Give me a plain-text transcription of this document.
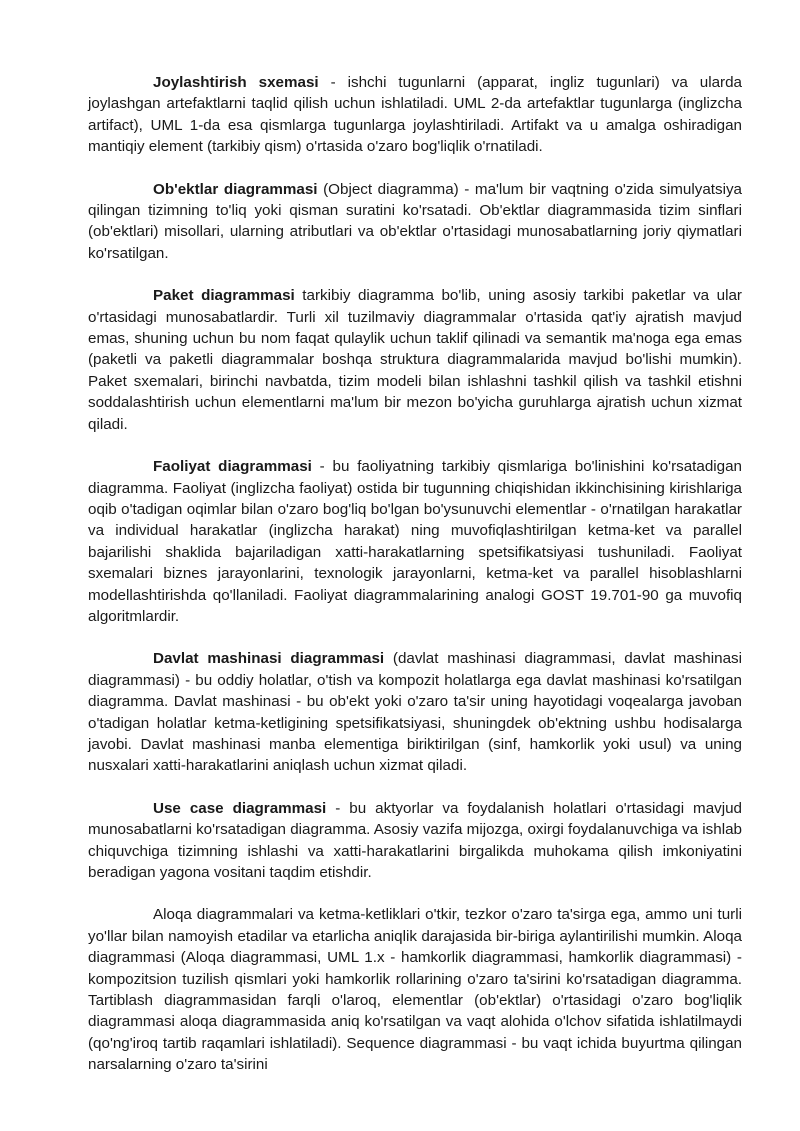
Joylashtirish sxemasi - ishchi tugunlarni (apparat, ingliz tugunlari) va ularda joylashgan artefaktlarni taqlid qilish uchun ishlatiladi. UML 2-da artefaktlar tugunlarga (inglizcha artifact), UML 1-da esa qismlarga tugunlarga joylashtiriladi. Artifakt va u amalga oshiradigan mantiqiy element (tarkibiy qism) o'rtasida o'zaro bog'liqlik o'rnatiladi.

Ob'ektlar diagrammasi (Object diagramma) - ma'lum bir vaqtning o'zida simulyatsiya qilingan tizimning to'liq yoki qisman suratini ko'rsatadi. Ob'ektlar diagrammasida tizim sinflari (ob'ektlari) misollari, ularning atributlari va ob'ektlar o'rtasidagi munosabatlarning joriy qiymatlari ko'rsatilgan.

Paket diagrammasi tarkibiy diagramma bo'lib, uning asosiy tarkibi paketlar va ular o'rtasidagi munosabatlardir. Turli xil tuzilmaviy diagrammalar o'rtasida qat'iy ajratish mavjud emas, shuning uchun bu nom faqat qulaylik uchun taklif qilinadi va semantik ma'noga ega emas (paketli va paketli diagrammalar boshqa struktura diagrammalarida mavjud bo'lishi mumkin). Paket sxemalari, birinchi navbatda, tizim modeli bilan ishlashni tashkil qilish va tashkil etishni soddalashtirish uchun elementlarni ma'lum bir mezon bo'yicha guruhlarga ajratish uchun xizmat qiladi.

Faoliyat diagrammasi - bu faoliyatning tarkibiy qismlariga bo'linishini ko'rsatadigan diagramma. Faoliyat (inglizcha faoliyat) ostida bir tugunning chiqishidan ikkinchisining kirishlariga oqib o'tadigan oqimlar bilan o'zaro bog'liq bo'lgan bo'ysunuvchi elementlar - o'rnatilgan harakatlar va individual harakatlar (inglizcha harakat) ning muvofiqlashtirilgan ketma-ket va parallel bajarilishi shaklida bajariladigan xatti-harakatlarning spetsifikatsiyasi tushuniladi. Faoliyat sxemalari biznes jarayonlarini, texnologik jarayonlarni, ketma-ket va parallel hisoblashlarni modellashtirishda qo'llaniladi. Faoliyat diagrammalarining analogi GOST 19.701-90 ga muvofiq algoritmlardir.

Davlat mashinasi diagrammasi (davlat mashinasi diagrammasi, davlat mashinasi diagrammasi) - bu oddiy holatlar, o'tish va kompozit holatlarga ega davlat mashinasi ko'rsatilgan diagramma. Davlat mashinasi - bu ob'ekt yoki o'zaro ta'sir uning hayotidagi voqealarga javoban o'tadigan holatlar ketma-ketligining spetsifikatsiyasi, shuningdek ob'ektning ushbu hodisalarga javobi. Davlat mashinasi manba elementiga biriktirilgan (sinf, hamkorlik yoki usul) va uning nusxalari xatti-harakatlarini aniqlash uchun xizmat qiladi.

Use case diagrammasi - bu aktyorlar va foydalanish holatlari o'rtasidagi mavjud munosabatlarni ko'rsatadigan diagramma. Asosiy vazifa mijozga, oxirgi foydalanuvchiga va ishlab chiquvchiga tizimning ishlashi va xatti-harakatlarini birgalikda muhokama qilish imkoniyatini beradigan yagona vositani taqdim etishdir.

Aloqa diagrammalari va ketma-ketliklari o'tkir, tezkor o'zaro ta'sirga ega, ammo uni turli yo'llar bilan namoyish etadilar va etarlicha aniqlik darajasida bir-biriga aylantirilishi mumkin. Aloqa diagrammasi (Aloqa diagrammasi, UML 1.x - hamkorlik diagrammasi, hamkorlik diagrammasi) - kompozitsion tuzilish qismlari yoki hamkorlik rollarining o'zaro ta'sirini ko'rsatadigan diagramma. Tartiblash diagrammasidan farqli o'laroq, elementlar (ob'ektlar) o'rtasidagi o'zaro bog'liqlik diagrammasi aloqa diagrammasida aniq ko'rsatilgan va vaqt alohida o'lchov sifatida ishlatilmaydi (qo'ng'iroq tartib raqamlari ishlatiladi). Sequence diagrammasi - bu vaqt ichida buyurtma qilingan narsalarning o'zaro ta'sirini
